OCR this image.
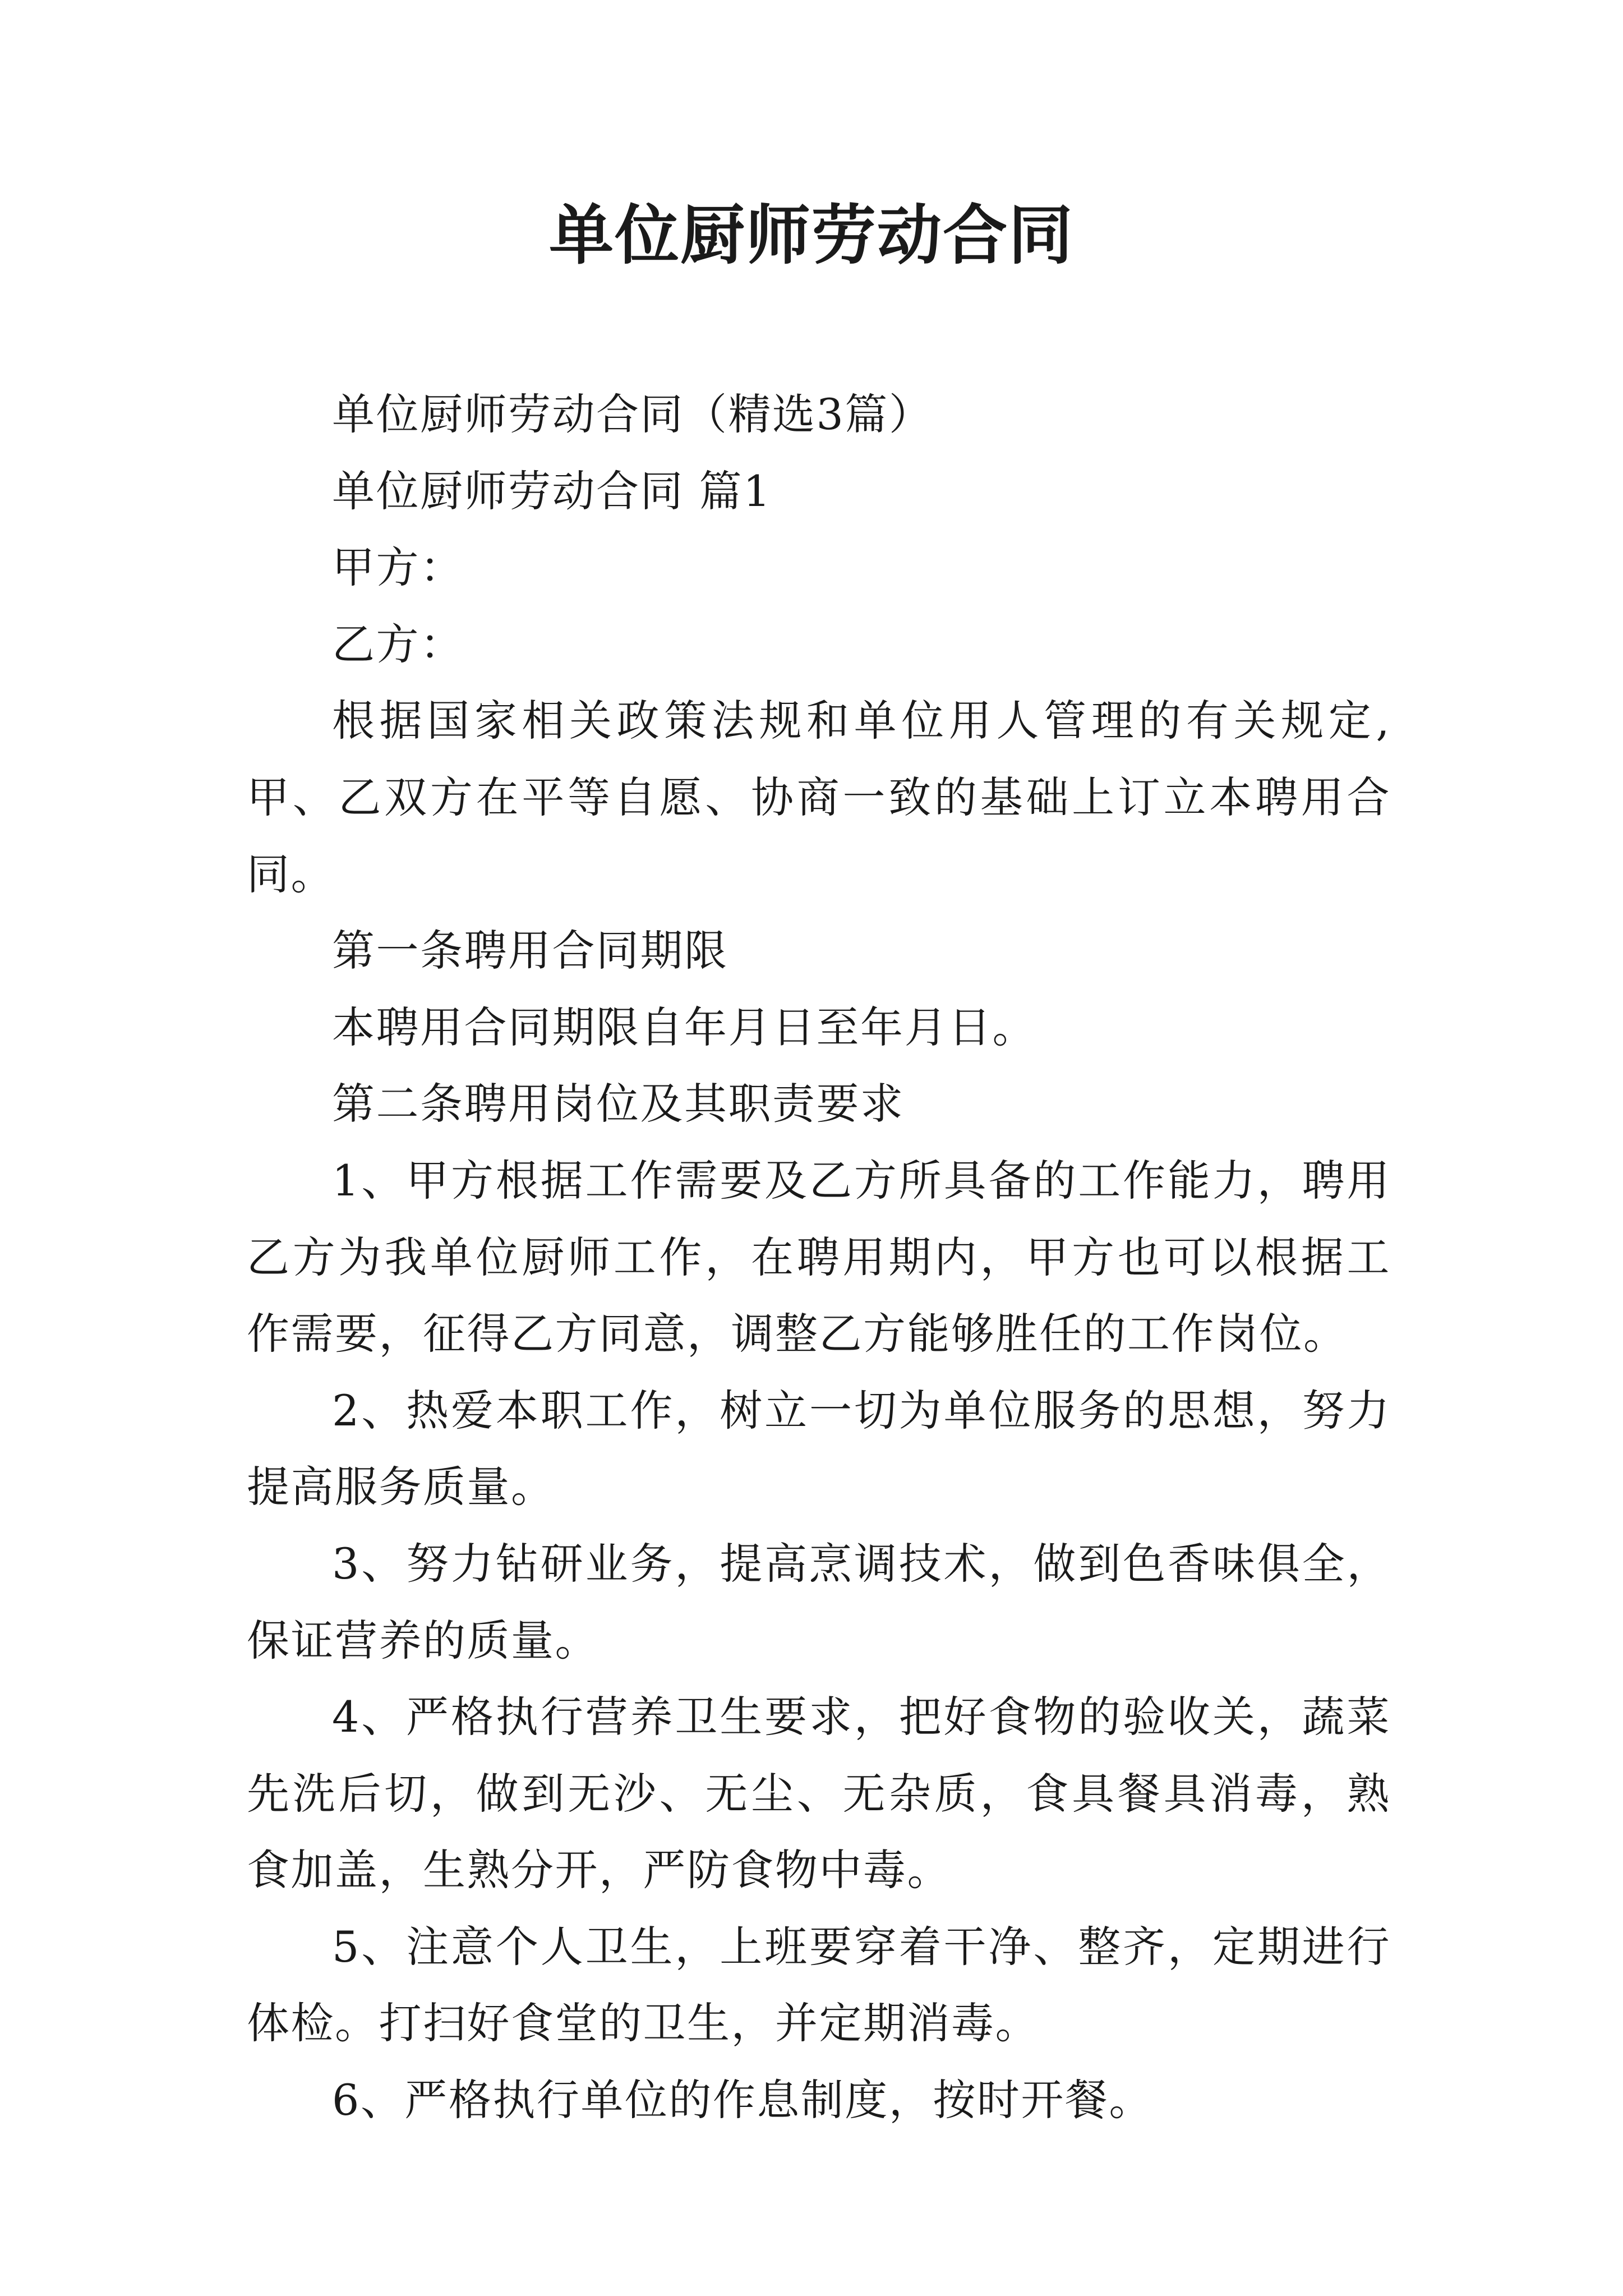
单位厨师劳动合同

单位厨师劳动合同（精选3篇）

单位厨师劳动合同 篇1

甲方：

乙方：

根据国家相关政策法规和单位用人管理的有关规定,甲、乙双方在平等自愿、协商一致的基础上订立本聘用合同。

第一条聘用合同期限

本聘用合同期限自年月日至年月日。

第二条聘用岗位及其职责要求

1、甲方根据工作需要及乙方所具备的工作能力，聘用乙方为我单位厨师工作，在聘用期内，甲方也可以根据工作需要，征得乙方同意，调整乙方能够胜任的工作岗位。

2、热爱本职工作，树立一切为单位服务的思想，努力提高服务质量。

3、努力钻研业务，提高烹调技术，做到色香味俱全，保证营养的质量。

4、严格执行营养卫生要求，把好食物的验收关，蔬菜先洗后切，做到无沙、无尘、无杂质，食具餐具消毒，熟食加盖，生熟分开，严防食物中毒。

5、注意个人卫生，上班要穿着干净、整齐，定期进行体检。打扫好食堂的卫生，并定期消毒。

6、严格执行单位的作息制度，按时开餐。
